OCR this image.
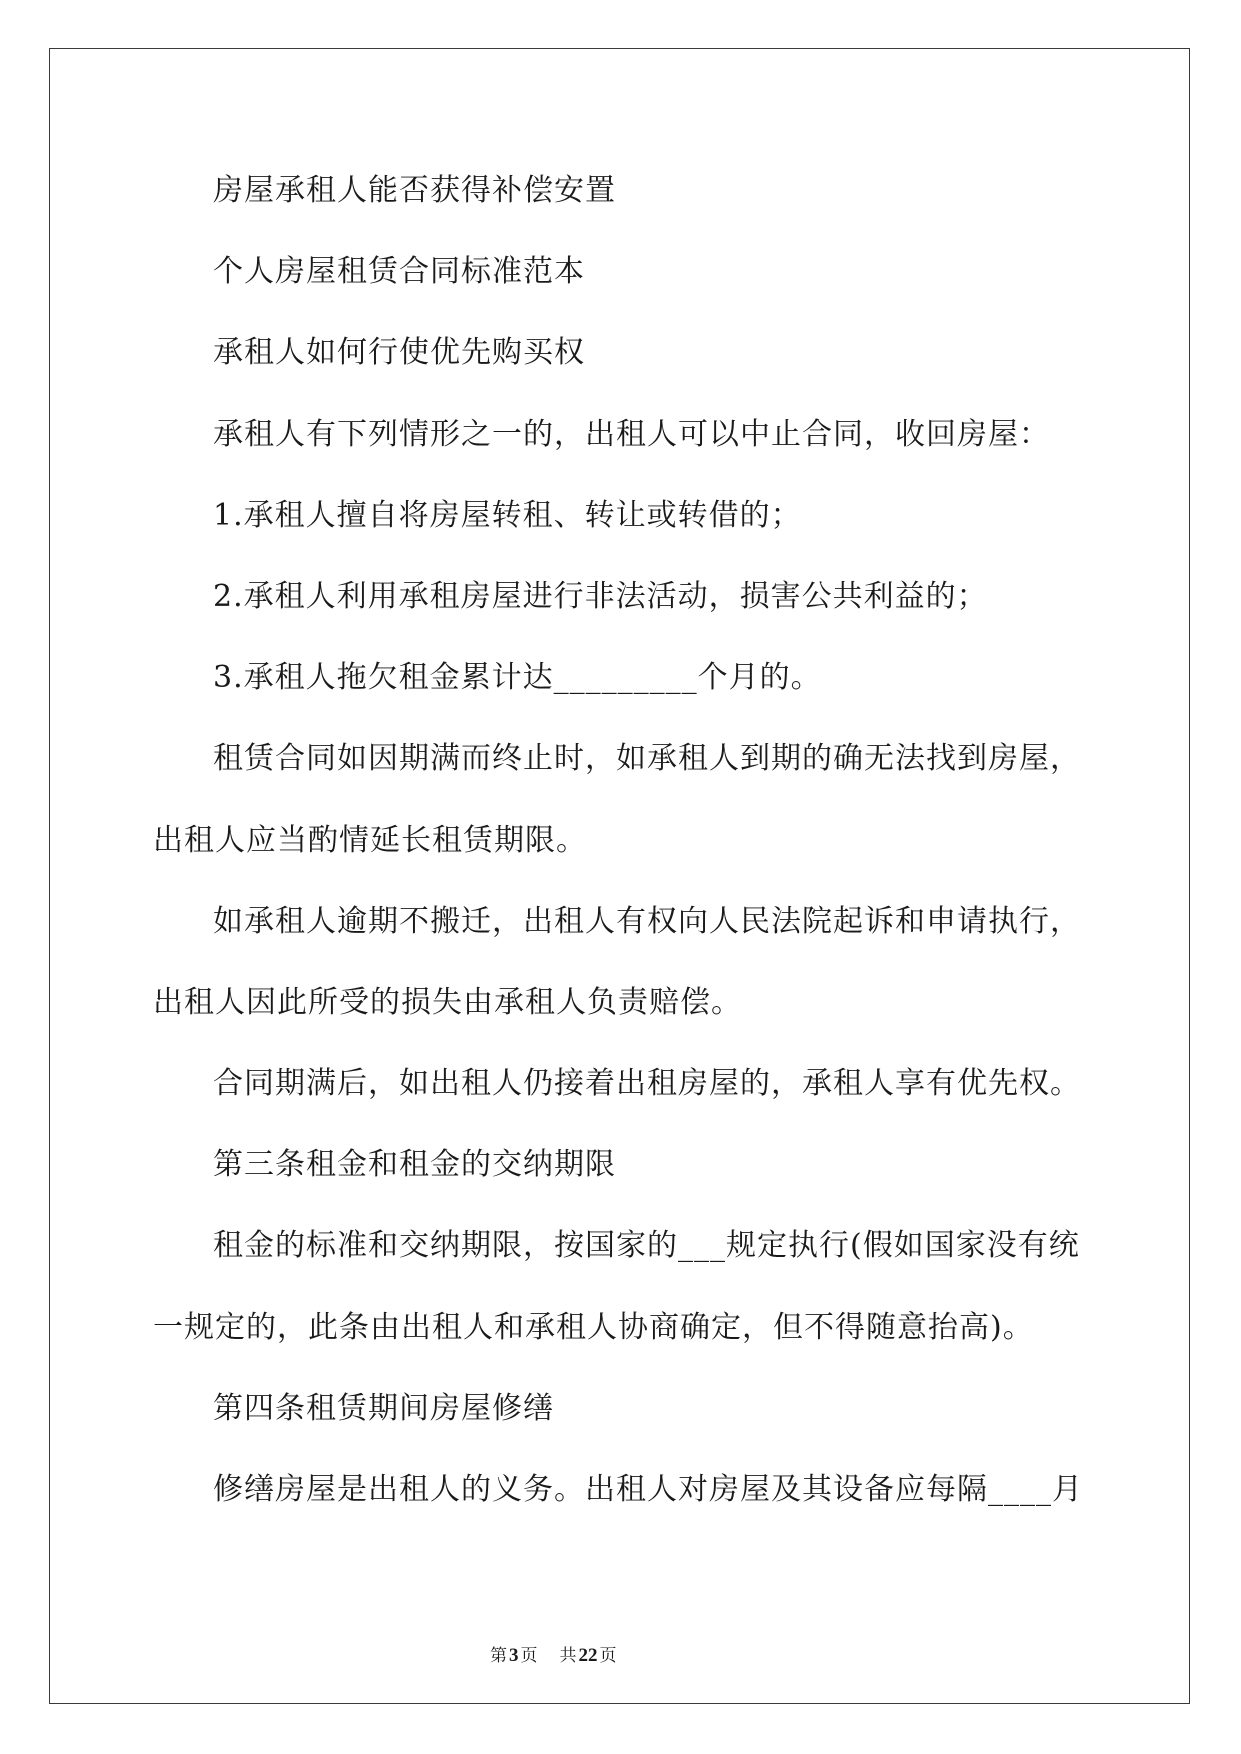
房屋承租人能否获得补偿安置

个人房屋租赁合同标准范本

承租人如何行使优先购买权

承租人有下列情形之一的，出租人可以中止合同，收回房屋：

1.承租人擅自将房屋转租、转让或转借的；

2.承租人利用承租房屋进行非法活动，损害公共利益的；

3.承租人拖欠租金累计达_________个月的。

租赁合同如因期满而终止时，如承租人到期的确无法找到房屋，
出租人应当酌情延长租赁期限。

如承租人逾期不搬迁，出租人有权向人民法院起诉和申请执行，
出租人因此所受的损失由承租人负责赔偿。

合同期满后，如出租人仍接着出租房屋的，承租人享有优先权。

第三条租金和租金的交纳期限

租金的标准和交纳期限，按国家的___规定执行(假如国家没有统
一规定的，此条由出租人和承租人协商确定，但不得随意抬高)。

第四条租赁期间房屋修缮

修缮房屋是出租人的义务。出租人对房屋及其设备应每隔____月

第 3 页 共 22 页
